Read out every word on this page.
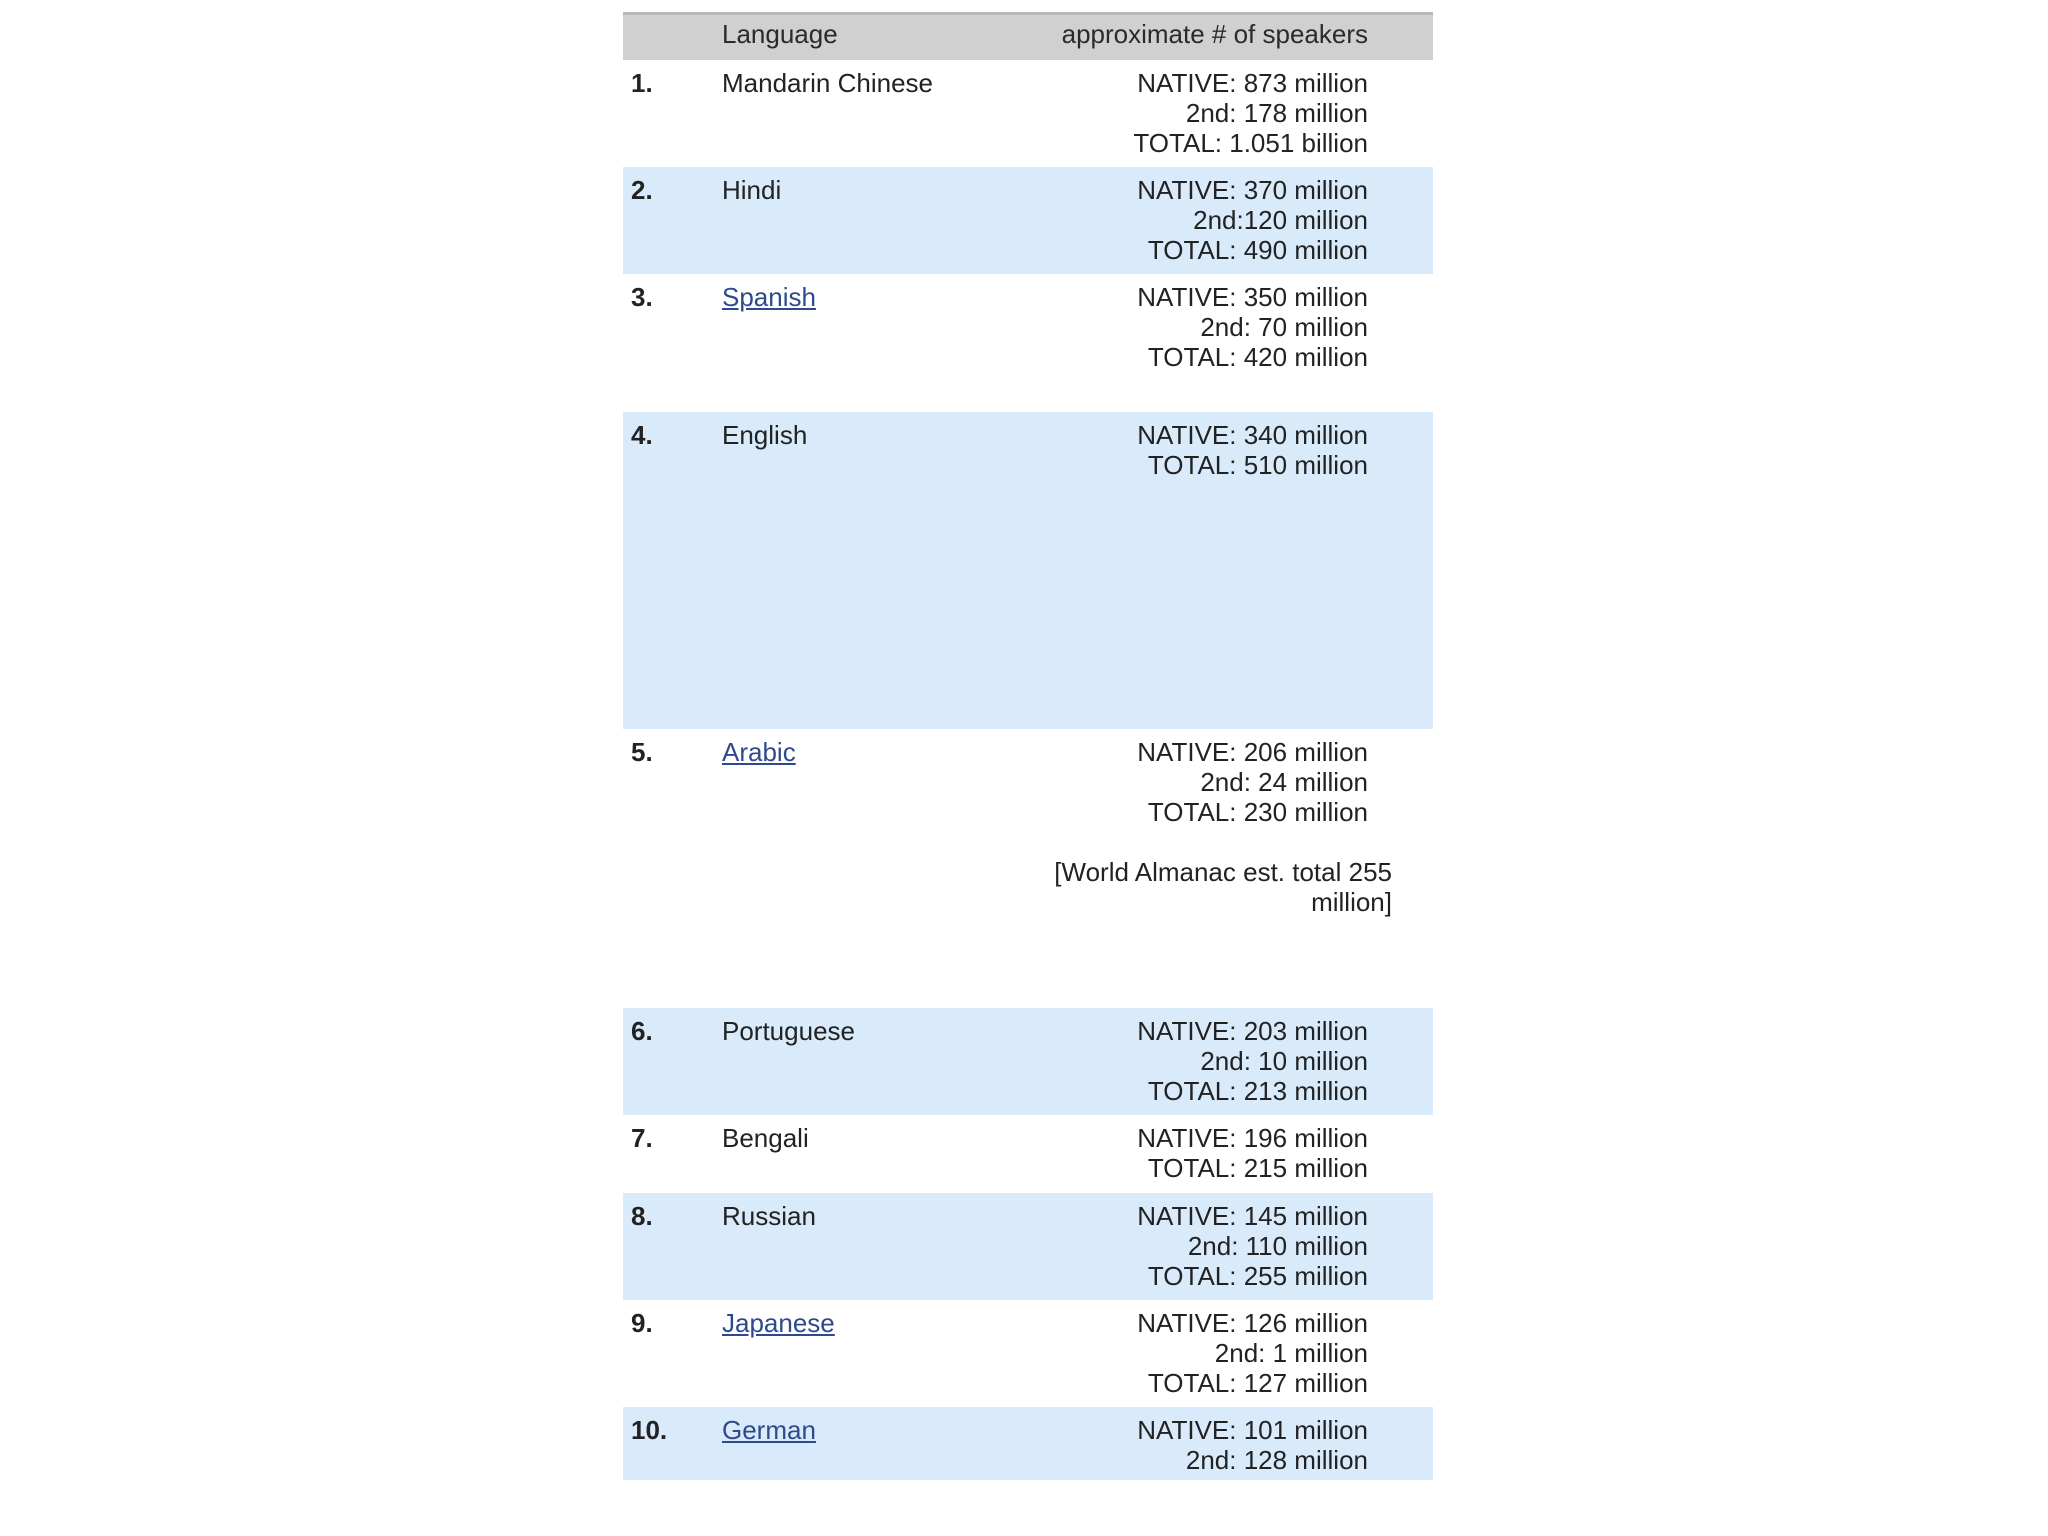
	Language	approximate # of speakers
1.	Mandarin Chinese	NATIVE: 873 million
2nd: 178 million
TOTAL: 1.051 billion

2.	Hindi	NATIVE: 370 million
2nd:120 million
TOTAL: 490 million

3.	Spanish	NATIVE: 350 million
2nd: 70 million
TOTAL: 420 million

4.	English	NATIVE: 340 million
TOTAL: 510 million

5.	Arabic	NATIVE: 206 million
2nd: 24 million
TOTAL: 230 million
[World Almanac est. total 255 million]

6.	Portuguese	NATIVE: 203 million
2nd: 10 million
TOTAL: 213 million

7.	Bengali	NATIVE: 196 million
TOTAL: 215 million

8.	Russian	NATIVE: 145 million
2nd: 110 million
TOTAL: 255 million

9.	Japanese	NATIVE: 126 million
2nd: 1 million
TOTAL: 127 million

10.	German	NATIVE: 101 million
2nd: 128 million
